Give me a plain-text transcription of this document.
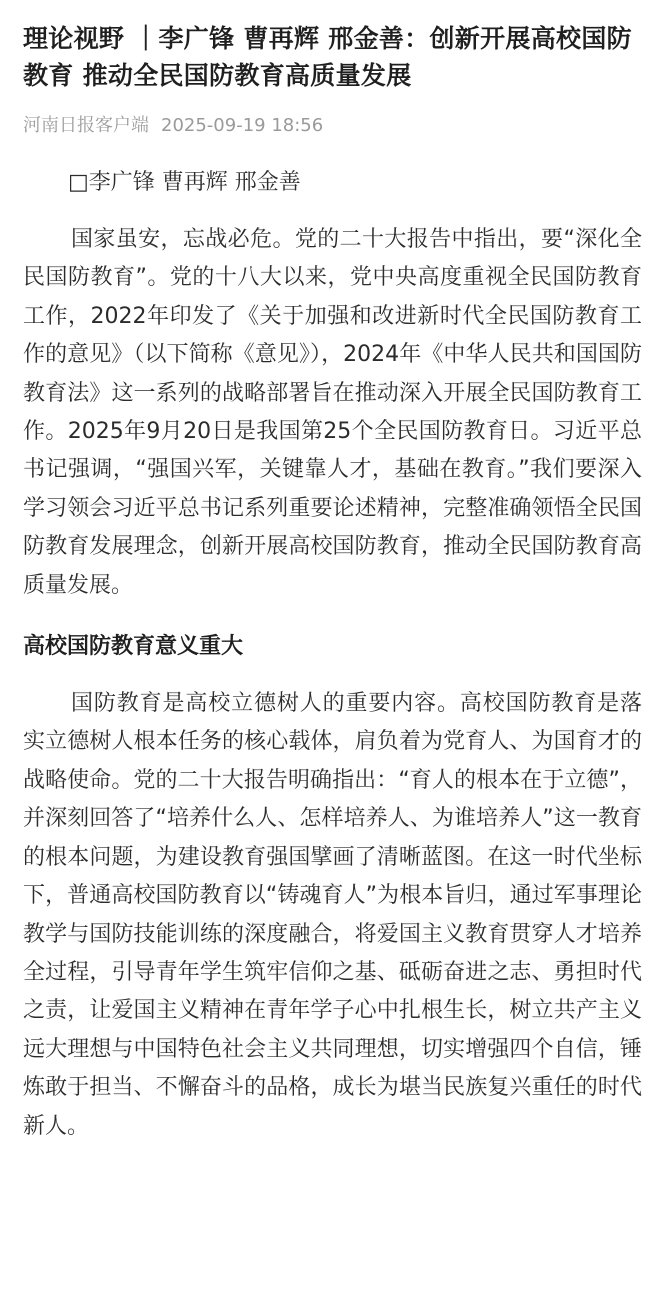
理论视野 ｜李广锋 曹再辉 邢金善：创新开展高校国防教育 推动全民国防教育高质量发展
河南日报客户端 2025-09-19 18:56
□李广锋 曹再辉 邢金善

国家虽安，忘战必危。党的二十大报告中指出，要“深化全民国防教育”。党的十八大以来，党中央高度重视全民国防教育工作，2022年印发了《关于加强和改进新时代全民国防教育工作的意见》（以下简称《意见》），2024年《中华人民共和国国防教育法》这一系列的战略部署旨在推动深入开展全民国防教育工作。2025年9月20日是我国第25个全民国防教育日。习近平总书记强调，“强国兴军，关键靠人才，基础在教育。”我们要深入学习领会习近平总书记系列重要论述精神，完整准确领悟全民国防教育发展理念，创新开展高校国防教育，推动全民国防教育高质量发展。

高校国防教育意义重大

国防教育是高校立德树人的重要内容。高校国防教育是落实立德树人根本任务的核心载体，肩负着为党育人、为国育才的战略使命。党的二十大报告明确指出：“育人的根本在于立德”，并深刻回答了“培养什么人、怎样培养人、为谁培养人”这一教育的根本问题，为建设教育强国擘画了清晰蓝图。在这一时代坐标下，普通高校国防教育以“铸魂育人”为根本旨归，通过军事理论教学与国防技能训练的深度融合，将爱国主义教育贯穿人才培养全过程，引导青年学生筑牢信仰之基、砥砺奋进之志、勇担时代之责，让爱国主义精神在青年学子心中扎根生长，树立共产主义远大理想与中国特色社会主义共同理想，切实增强四个自信，锤炼敢于担当、不懈奋斗的品格，成长为堪当民族复兴重任的时代新人。
